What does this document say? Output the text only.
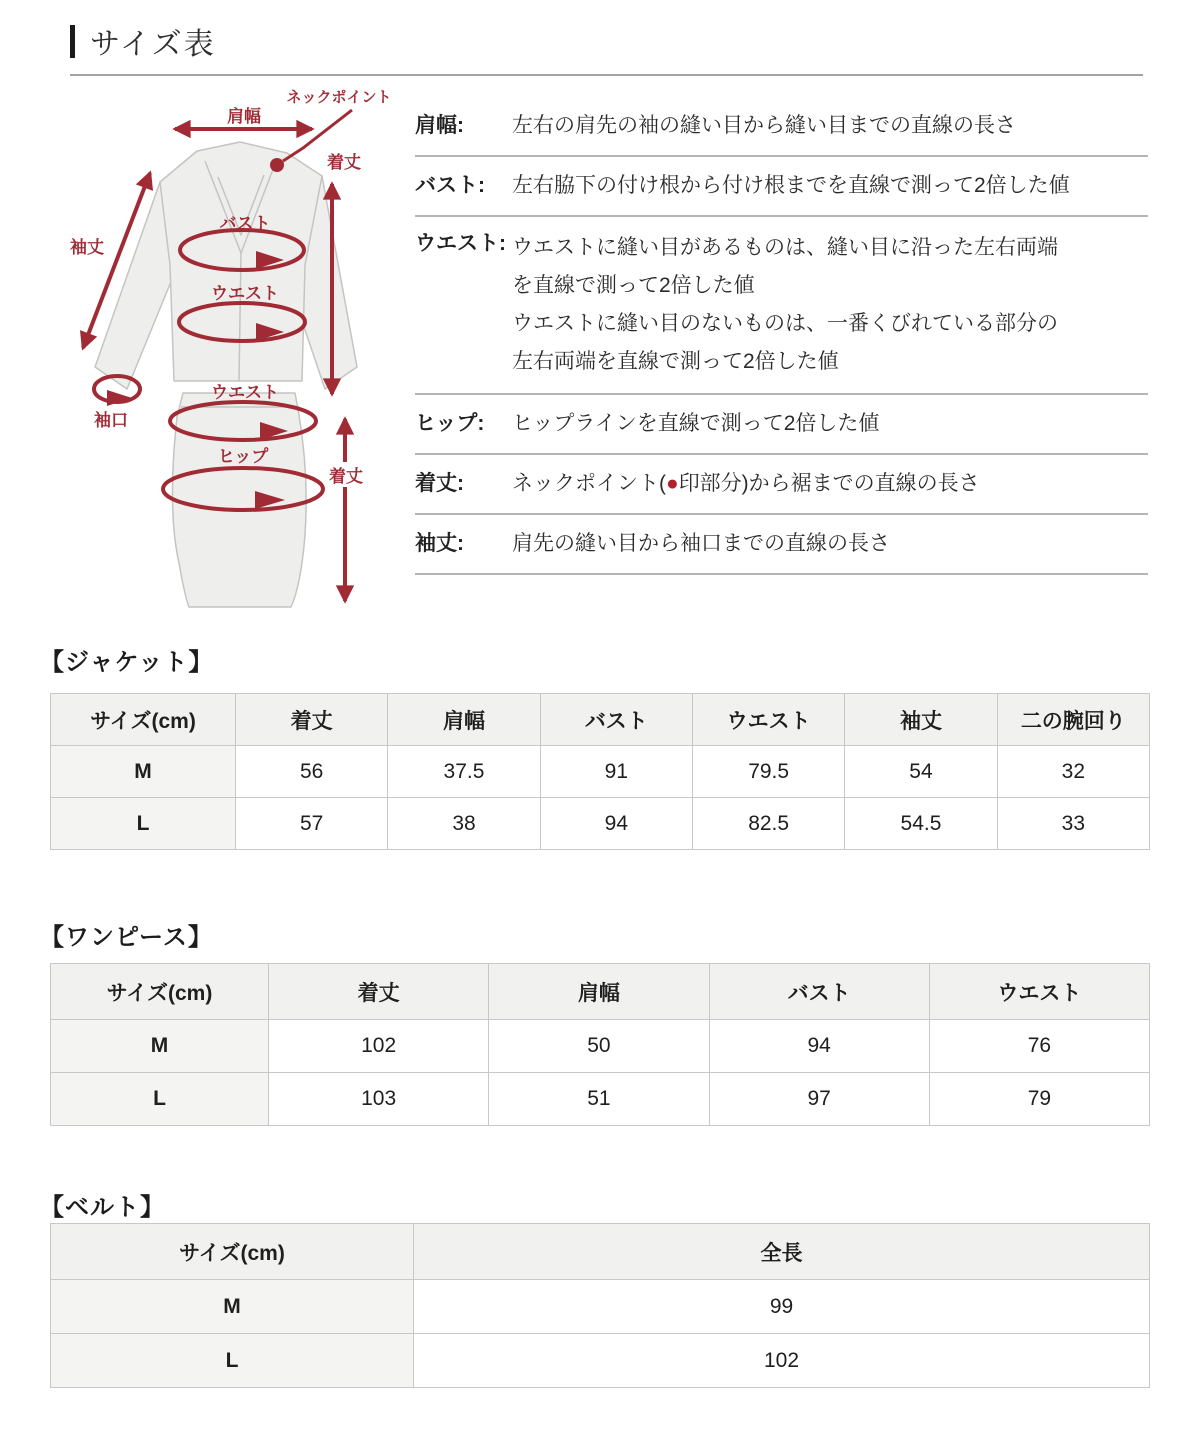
サイズ表
肩幅
ネックポイント
着丈
袖丈
バスト
ウエスト
袖口
ウエスト
ヒップ
着丈
肩幅:	左右の肩先の袖の縫い目から縫い目までの直線の長さ
バスト:	左右脇下の付け根から付け根までを直線で測って2倍した値
ウエスト: ウエストに縫い目があるものは、縫い目に沿った左右両端を直線で測って2倍した値
ウエストに縫い目のないものは、一番くびれている部分の左右両端を直線で測って2倍した値
ヒップ:	ヒップラインを直線で測って2倍した値
着丈:	ネックポイント(●印部分)から裾までの直線の長さ
袖丈:	肩先の縫い目から袖口までの直線の長さ
【ジャケット】
サイズ(cm)	着丈	肩幅	バスト	ウエスト	袖丈	二の腕回り
M	56	37.5	91	79.5	54	32
L	57	38	94	82.5	54.5	33
【ワンピース】
サイズ(cm)	着丈	肩幅	バスト	ウエスト
M	102	50	94	76
L	103	51	97	79
【ベルト】
サイズ(cm)	全長
M	99
L	102
